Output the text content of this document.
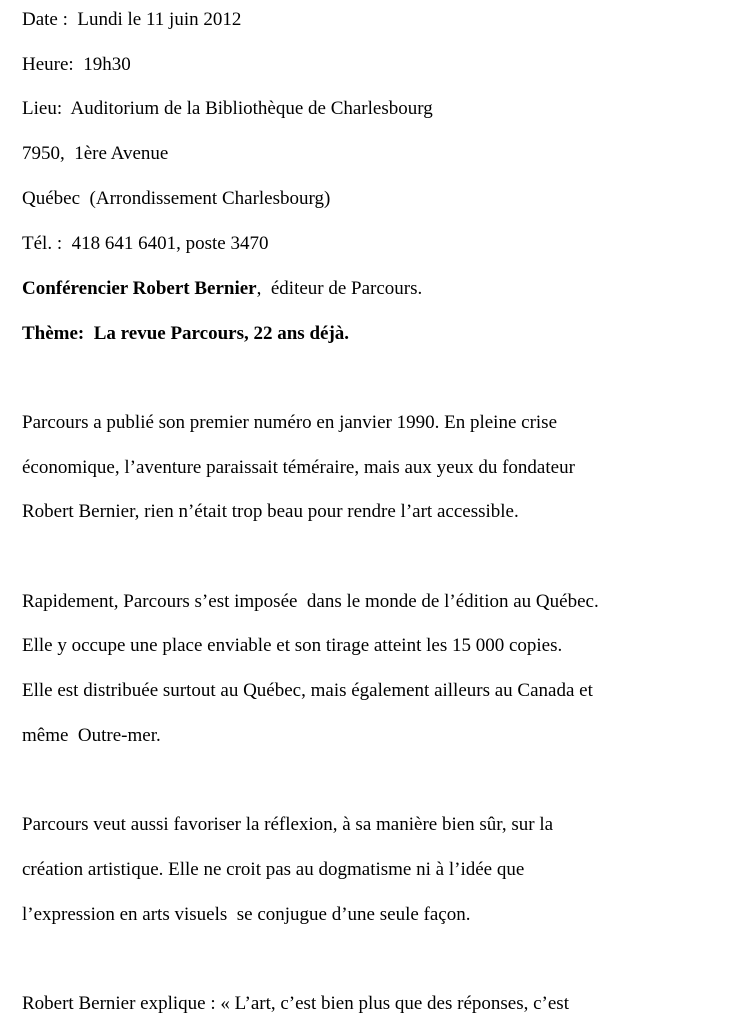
Date :  Lundi le 11 juin 2012
Heure:  19h30
Lieu:  Auditorium de la Bibliothèque de Charlesbourg
7950,  1ère Avenue
Québec  (Arrondissement Charlesbourg)
Tél. :  418 641 6401, poste 3470
Conférencier Robert Bernier,  éditeur de Parcours.
Thème:  La revue Parcours, 22 ans déjà.
Parcours a publié son premier numéro en janvier 1990. En pleine crise
économique, l’aventure paraissait téméraire, mais aux yeux du fondateur
Robert Bernier, rien n’était trop beau pour rendre l’art accessible.
Rapidement, Parcours s’est imposée  dans le monde de l’édition au Québec.
Elle y occupe une place enviable et son tirage atteint les 15 000 copies.
Elle est distribuée surtout au Québec, mais également ailleurs au Canada et
même  Outre-mer.
Parcours veut aussi favoriser la réflexion, à sa manière bien sûr, sur la
création artistique. Elle ne croit pas au dogmatisme ni à l’idée que
l’expression en arts visuels  se conjugue d’une seule façon.
Robert Bernier explique : « L’art, c’est bien plus que des réponses, c’est
